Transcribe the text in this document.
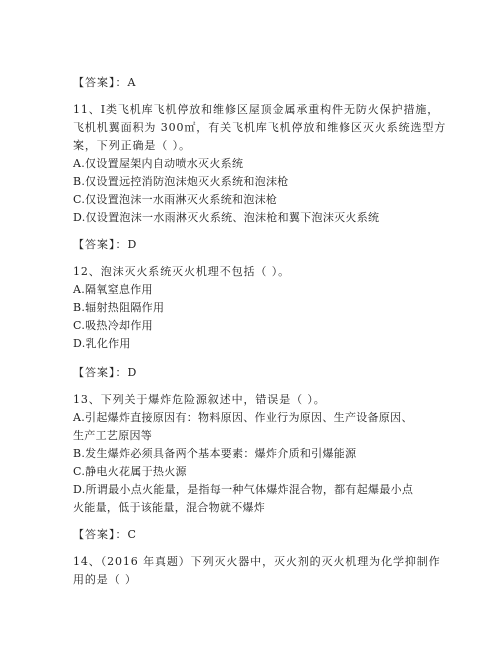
【答案】：A
11、Ⅰ类飞机库飞机停放和维修区屋顶金属承重构件无防火保护措施，
飞机机翼面积为 300㎡，有关飞机库飞机停放和维修区灭火系统选型方
案，下列正确是（ ）。
A.仅设置屋架内自动喷水灭火系统
B.仅设置远控消防泡沫炮灭火系统和泡沫枪
C.仅设置泡沫一水雨淋灭火系统和泡沫枪
D.仅设置泡沫一水雨淋灭火系统、泡沫枪和翼下泡沫灭火系统
【答案】：D
12、泡沫灭火系统灭火机理不包括（ ）。
A.隔氧窒息作用
B.辐射热阻隔作用
C.吸热冷却作用
D.乳化作用
【答案】：D
13、下列关于爆炸危险源叙述中，错误是（ ）。
A.引起爆炸直接原因有：物料原因、作业行为原因、生产设备原因、
生产工艺原因等
B.发生爆炸必须具备两个基本要素：爆炸介质和引爆能源
C.静电火花属于热火源
D.所谓最小点火能量，是指每一种气体爆炸混合物，都有起爆最小点
火能量，低于该能量，混合物就不爆炸
【答案】：C
14、（2016 年真题）下列灭火器中，灭火剂的灭火机理为化学抑制作
用的是（ ）
